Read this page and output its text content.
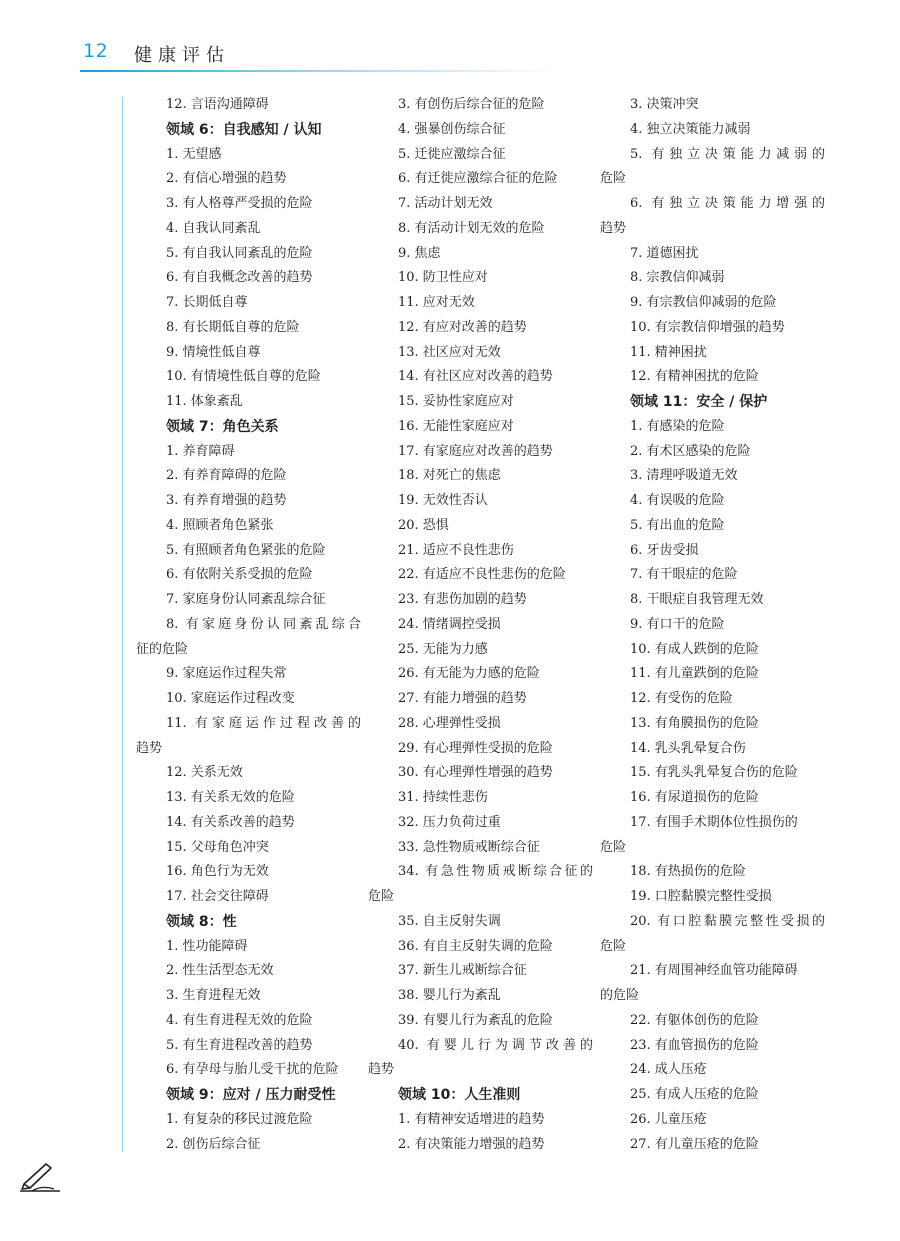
12 健康评估
12. 言语沟通障碍
领域 6：自我感知 / 认知
1. 无望感
2. 有信心增强的趋势
3. 有人格尊严受损的危险
4. 自我认同紊乱
5. 有自我认同紊乱的危险
6. 有自我概念改善的趋势
7. 长期低自尊
8. 有长期低自尊的危险
9. 情境性低自尊
10. 有情境性低自尊的危险
11. 体象紊乱
领域 7：角色关系
1. 养育障碍
2. 有养育障碍的危险
3. 有养育增强的趋势
4. 照顾者角色紧张
5. 有照顾者角色紧张的危险
6. 有依附关系受损的危险
7. 家庭身份认同紊乱综合征
8. 有家庭身份认同紊乱综合
征的危险
9. 家庭运作过程失常
10. 家庭运作过程改变
11. 有家庭运作过程改善的
趋势
12. 关系无效
13. 有关系无效的危险
14. 有关系改善的趋势
15. 父母角色冲突
16. 角色行为无效
17. 社会交往障碍
领域 8：性
1. 性功能障碍
2. 性生活型态无效
3. 生育进程无效
4. 有生育进程无效的危险
5. 有生育进程改善的趋势
6. 有孕母与胎儿受干扰的危险
领域 9：应对 / 压力耐受性
1. 有复杂的移民过渡危险
2. 创伤后综合征
3. 有创伤后综合征的危险
4. 强暴创伤综合征
5. 迁徙应激综合征
6. 有迁徙应激综合征的危险
7. 活动计划无效
8. 有活动计划无效的危险
9. 焦虑
10. 防卫性应对
11. 应对无效
12. 有应对改善的趋势
13. 社区应对无效
14. 有社区应对改善的趋势
15. 妥协性家庭应对
16. 无能性家庭应对
17. 有家庭应对改善的趋势
18. 对死亡的焦虑
19. 无效性否认
20. 恐惧
21. 适应不良性悲伤
22. 有适应不良性悲伤的危险
23. 有悲伤加剧的趋势
24. 情绪调控受损
25. 无能为力感
26. 有无能为力感的危险
27. 有能力增强的趋势
28. 心理弹性受损
29. 有心理弹性受损的危险
30. 有心理弹性增强的趋势
31. 持续性悲伤
32. 压力负荷过重
33. 急性物质戒断综合征
34. 有急性物质戒断综合征的
危险
35. 自主反射失调
36. 有自主反射失调的危险
37. 新生儿戒断综合征
38. 婴儿行为紊乱
39. 有婴儿行为紊乱的危险
40. 有婴儿行为调节改善的
趋势
领域 10：人生准则
1. 有精神安适增进的趋势
2. 有决策能力增强的趋势
3. 决策冲突
4. 独立决策能力减弱
5. 有独立决策能力减弱的
危险
6. 有独立决策能力增强的
趋势
7. 道德困扰
8. 宗教信仰减弱
9. 有宗教信仰减弱的危险
10. 有宗教信仰增强的趋势
11. 精神困扰
12. 有精神困扰的危险
领域 11：安全 / 保护
1. 有感染的危险
2. 有术区感染的危险
3. 清理呼吸道无效
4. 有误吸的危险
5. 有出血的危险
6. 牙齿受损
7. 有干眼症的危险
8. 干眼症自我管理无效
9. 有口干的危险
10. 有成人跌倒的危险
11. 有儿童跌倒的危险
12. 有受伤的危险
13. 有角膜损伤的危险
14. 乳头乳晕复合伤
15. 有乳头乳晕复合伤的危险
16. 有尿道损伤的危险
17. 有围手术期体位性损伤的
危险
18. 有热损伤的危险
19. 口腔黏膜完整性受损
20. 有口腔黏膜完整性受损的
危险
21. 有周围神经血管功能障碍
的危险
22. 有躯体创伤的危险
23. 有血管损伤的危险
24. 成人压疮
25. 有成人压疮的危险
26. 儿童压疮
27. 有儿童压疮的危险
